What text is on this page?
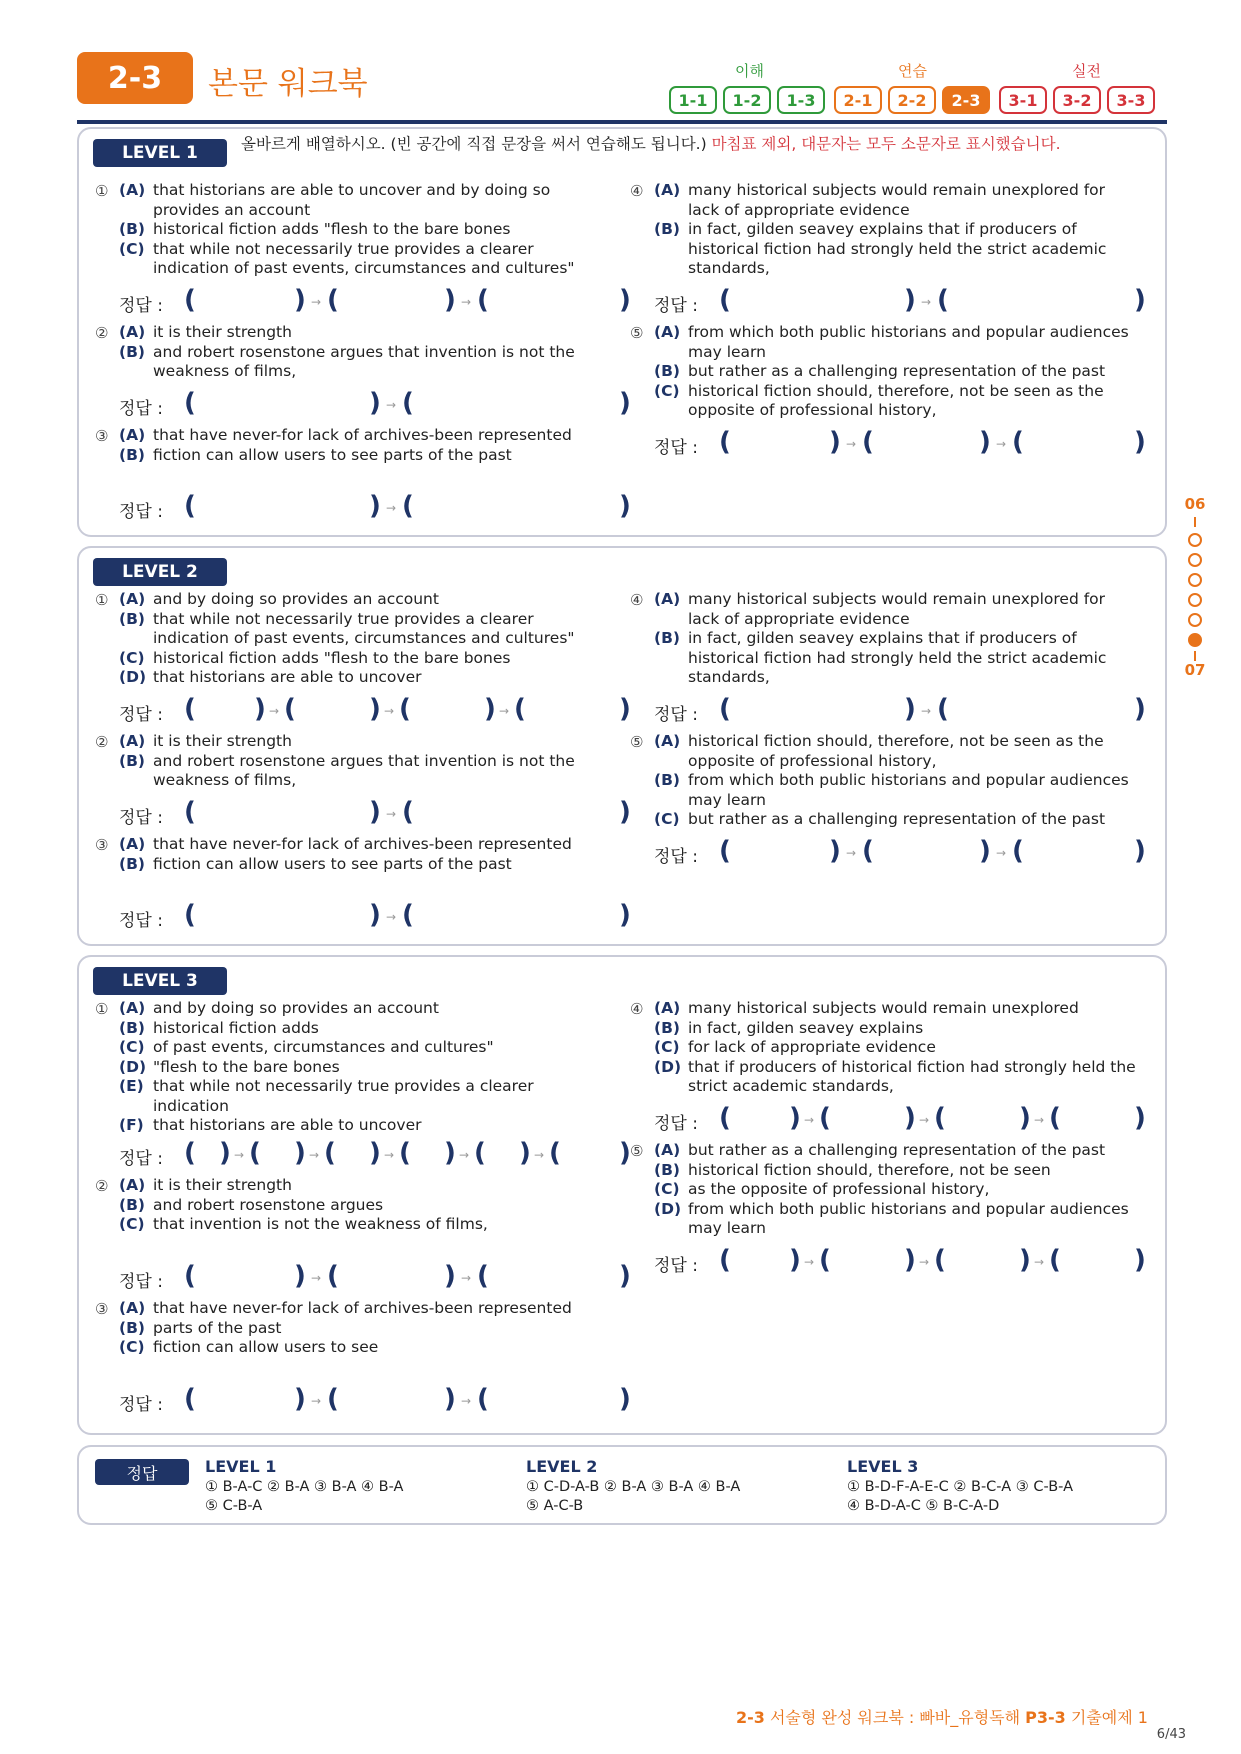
2-3	본문 워크북	이해	연습	실전
1-1	1-2	1-3	2-1	2-2	2-3	3-1	3-2	3-3
LEVEL 1	올바르게 배열하시오. (빈 공간에 직접 문장을 써서 연습해도 됩니다.) 마침표 제외, 대문자는 모두 소문자로 표시했습니다.
① (A) that historians are able to uncover and by doing so provides an account
(B) historical fiction adds "flesh to the bare bones
(C) that while not necessarily true provides a clearer indication of past events, circumstances and cultures"
정답 : (	) → (	) → (	)
② (A) it is their strength
(B) and robert rosenstone argues that invention is not the weakness of films,
정답 : (	) → (	)
③ (A) that have never-for lack of archives-been represented
(B) fiction can allow users to see parts of the past
정답 : (	) → (	)
④ (A) many historical subjects would remain unexplored for lack of appropriate evidence
(B) in fact, gilden seavey explains that if producers of historical fiction had strongly held the strict academic standards,
정답 : (	) → (	)
⑤ (A) from which both public historians and popular audiences may learn
(B) but rather as a challenging representation of the past
(C) historical fiction should, therefore, not be seen as the opposite of professional history,
정답 : (	) → (	) → (	)
LEVEL 2
① (A) and by doing so provides an account
(B) that while not necessarily true provides a clearer indication of past events, circumstances and cultures"
(C) historical fiction adds "flesh to the bare bones
(D) that historians are able to uncover
정답 : ( ) → (	) → (	) → (	)
② (A) it is their strength
(B) and robert rosenstone argues that invention is not the weakness of films,
정답 : (	) → (	)
③ (A) that have never-for lack of archives-been represented
(B) fiction can allow users to see parts of the past
정답 : (	) → (	)
④ (A) many historical subjects would remain unexplored for lack of appropriate evidence
(B) in fact, gilden seavey explains that if producers of historical fiction had strongly held the strict academic standards,
정답 : (	) → (	)
⑤ (A) historical fiction should, therefore, not be seen as the opposite of professional history,
(B) from which both public historians and popular audiences may learn
(C) but rather as a challenging representation of the past
정답 : (	) → (	) → (	)
LEVEL 3
① (A) and by doing so provides an account
(B) historical fiction adds
(C) of past events, circumstances and cultures"
(D) "flesh to the bare bones
(E) that while not necessarily true provides a clearer indication
(F) that historians are able to uncover
정답 : ( ) → ( ) → ( ) → ( ) → ( ) → ( )
② (A) it is their strength
(B) and robert rosenstone argues
(C) that invention is not the weakness of films,
정답 : (	) → (	) → (	)
③ (A) that have never-for lack of archives-been represented
(B) parts of the past
(C) fiction can allow users to see
정답 : (	) → (	) → (	)
④ (A) many historical subjects would remain unexplored
(B) in fact, gilden seavey explains
(C) for lack of appropriate evidence
(D) that if producers of historical fiction had strongly held the strict academic standards,
정답 : ( ) → (	) → (	) → (	)
⑤ (A) but rather as a challenging representation of the past
(B) historical fiction should, therefore, not be seen
(C) as the opposite of professional history,
(D) from which both public historians and popular audiences may learn
정답 : ( ) → (	) → (	) → (	)
정답	LEVEL 1
① B-A-C ② B-A ③ B-A ④ B-A
⑤ C-B-A
LEVEL 2
① C-D-A-B ② B-A ③ B-A ④ B-A
⑤ A-C-B
LEVEL 3
① B-D-F-A-E-C ② B-C-A ③ C-B-A
④ B-D-A-C ⑤ B-C-A-D
06
07
2-3 서술형 완성 워크북 : 빠바_유형독해 P3-3 기출예제 1
6/43
